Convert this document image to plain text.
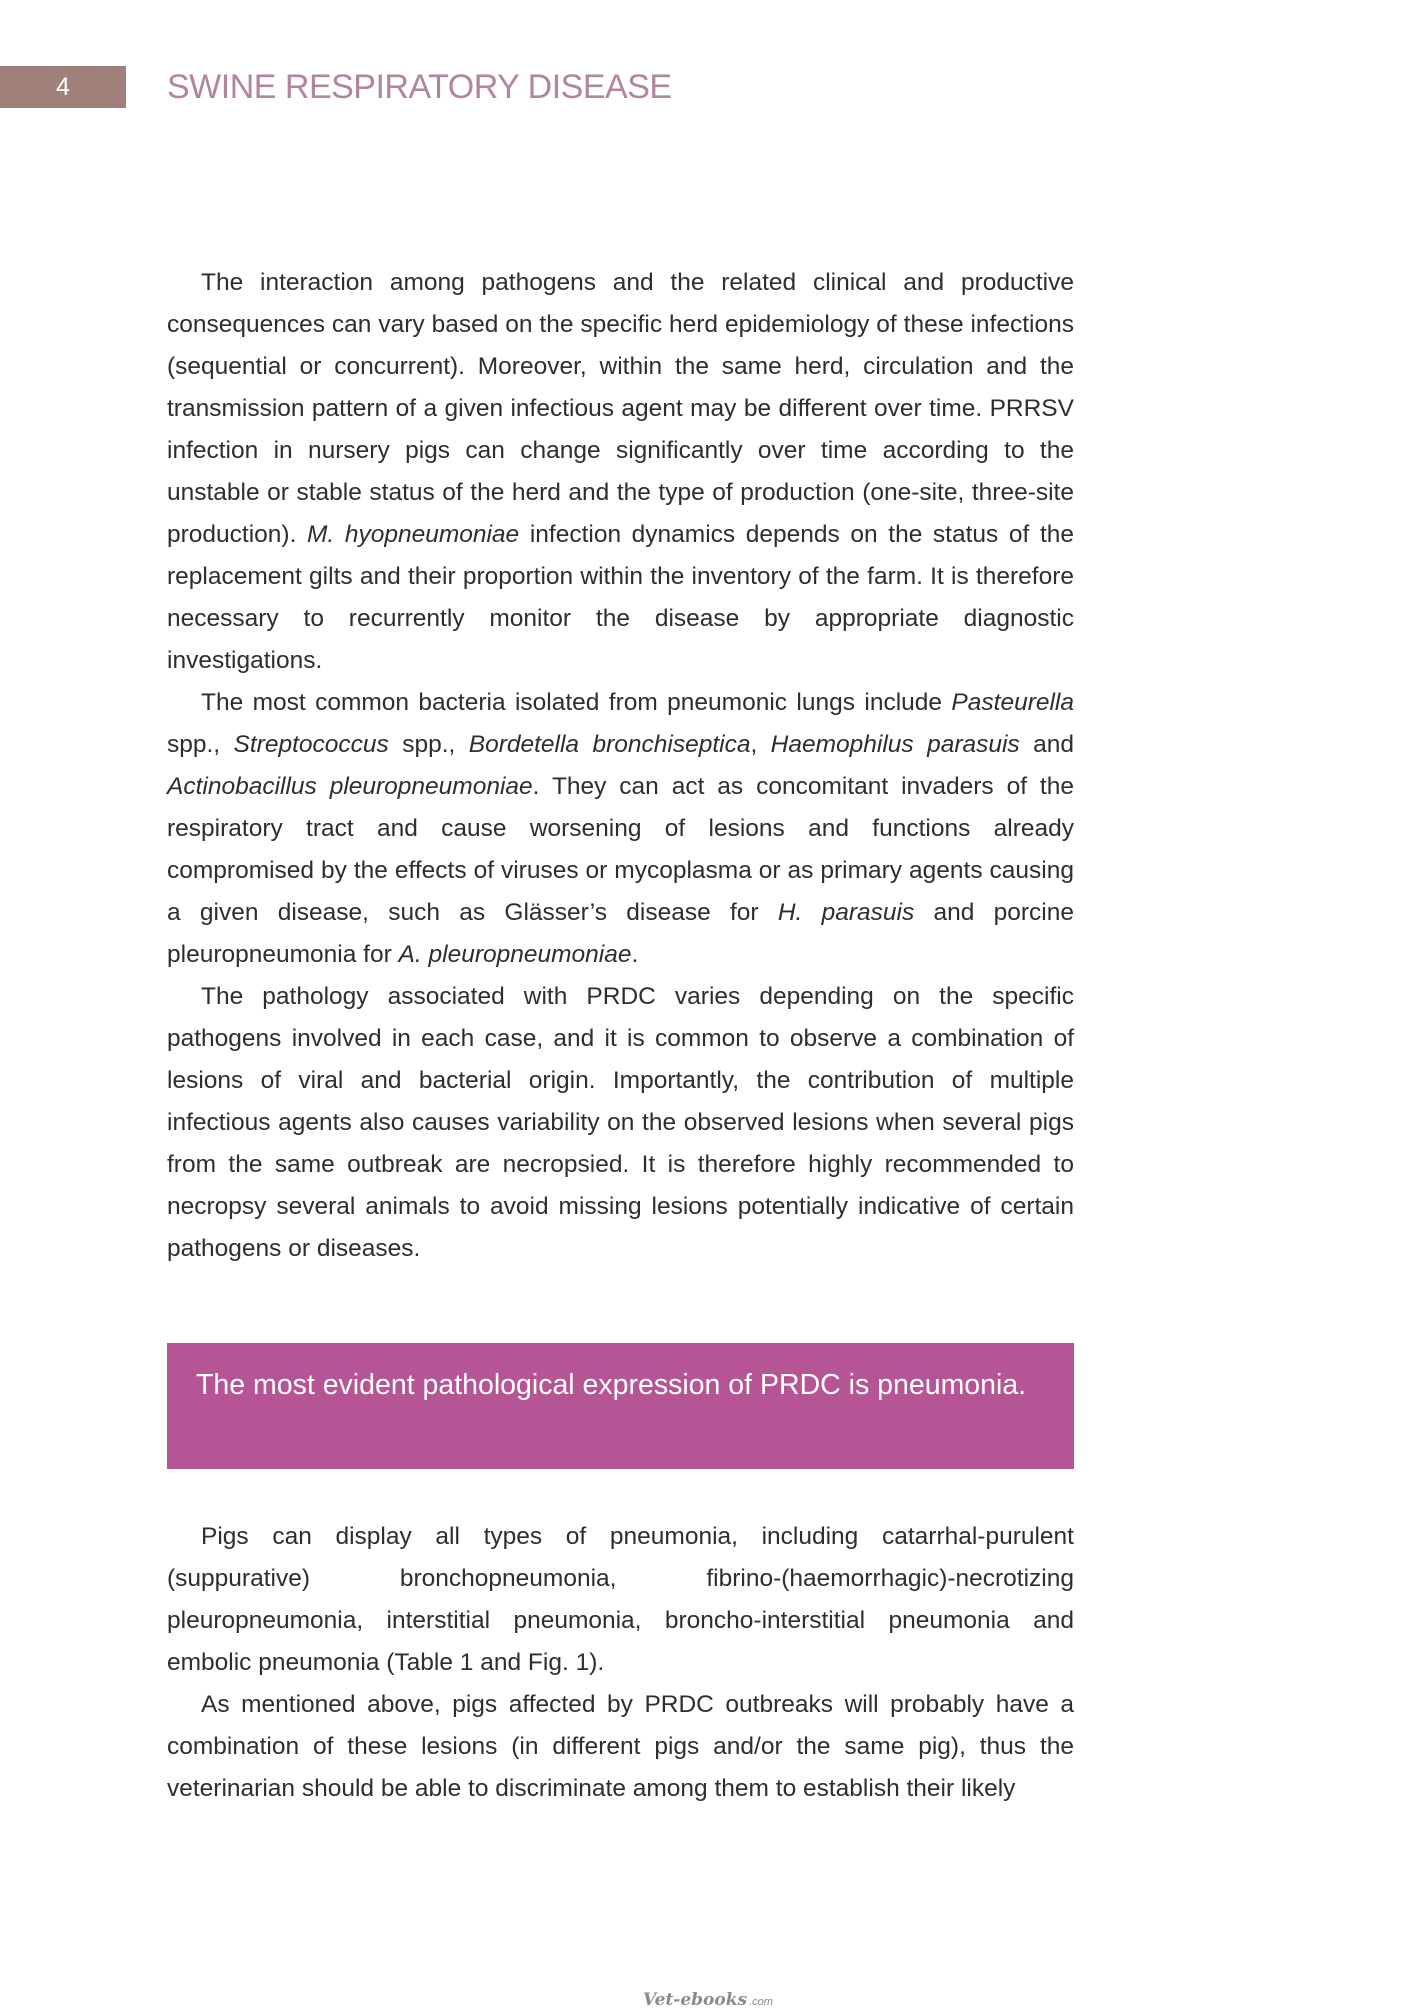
4	SWINE RESPIRATORY DISEASE

The interaction among pathogens and the related clinical and productive consequences can vary based on the specific herd epidemiology of these infections (sequential or concurrent). Moreover, within the same herd, circulation and the transmission pattern of a given infectious agent may be different over time. PRRSV infection in nursery pigs can change significantly over time according to the unstable or stable status of the herd and the type of production (one-site, three-site production). M. hyopneumoniae infection dynamics depends on the status of the replacement gilts and their proportion within the inventory of the farm. It is therefore necessary to recurrently monitor the disease by appropriate diagnostic investigations.

The most common bacteria isolated from pneumonic lungs include Pasteurella spp., Streptococcus spp., Bordetella bronchiseptica, Haemophilus parasuis and Actinobacillus pleuropneumoniae. They can act as concomitant invaders of the respiratory tract and cause worsening of lesions and functions already compromised by the effects of viruses or mycoplasma or as primary agents causing a given disease, such as Glässer’s disease for H. parasuis and porcine pleuropneumonia for A. pleuropneumoniae.

The pathology associated with PRDC varies depending on the specific pathogens involved in each case, and it is common to observe a combination of lesions of viral and bacterial origin. Importantly, the contribution of multiple infectious agents also causes variability on the observed lesions when several pigs from the same outbreak are necropsied. It is therefore highly recommended to necropsy several animals to avoid missing lesions potentially indicative of certain pathogens or diseases.

The most evident pathological expression of PRDC is pneumonia.

Pigs can display all types of pneumonia, including catarrhal-purulent (suppurative) bronchopneumonia, fibrino-(haemorrhagic)-necrotizing pleuropneumonia, interstitial pneumonia, broncho-interstitial pneumonia and embolic pneumonia (Table 1 and Fig. 1).

As mentioned above, pigs affected by PRDC outbreaks will probably have a combination of these lesions (in different pigs and/or the same pig), thus the veterinarian should be able to discriminate among them to establish their likely

Vet-ebooks .com
